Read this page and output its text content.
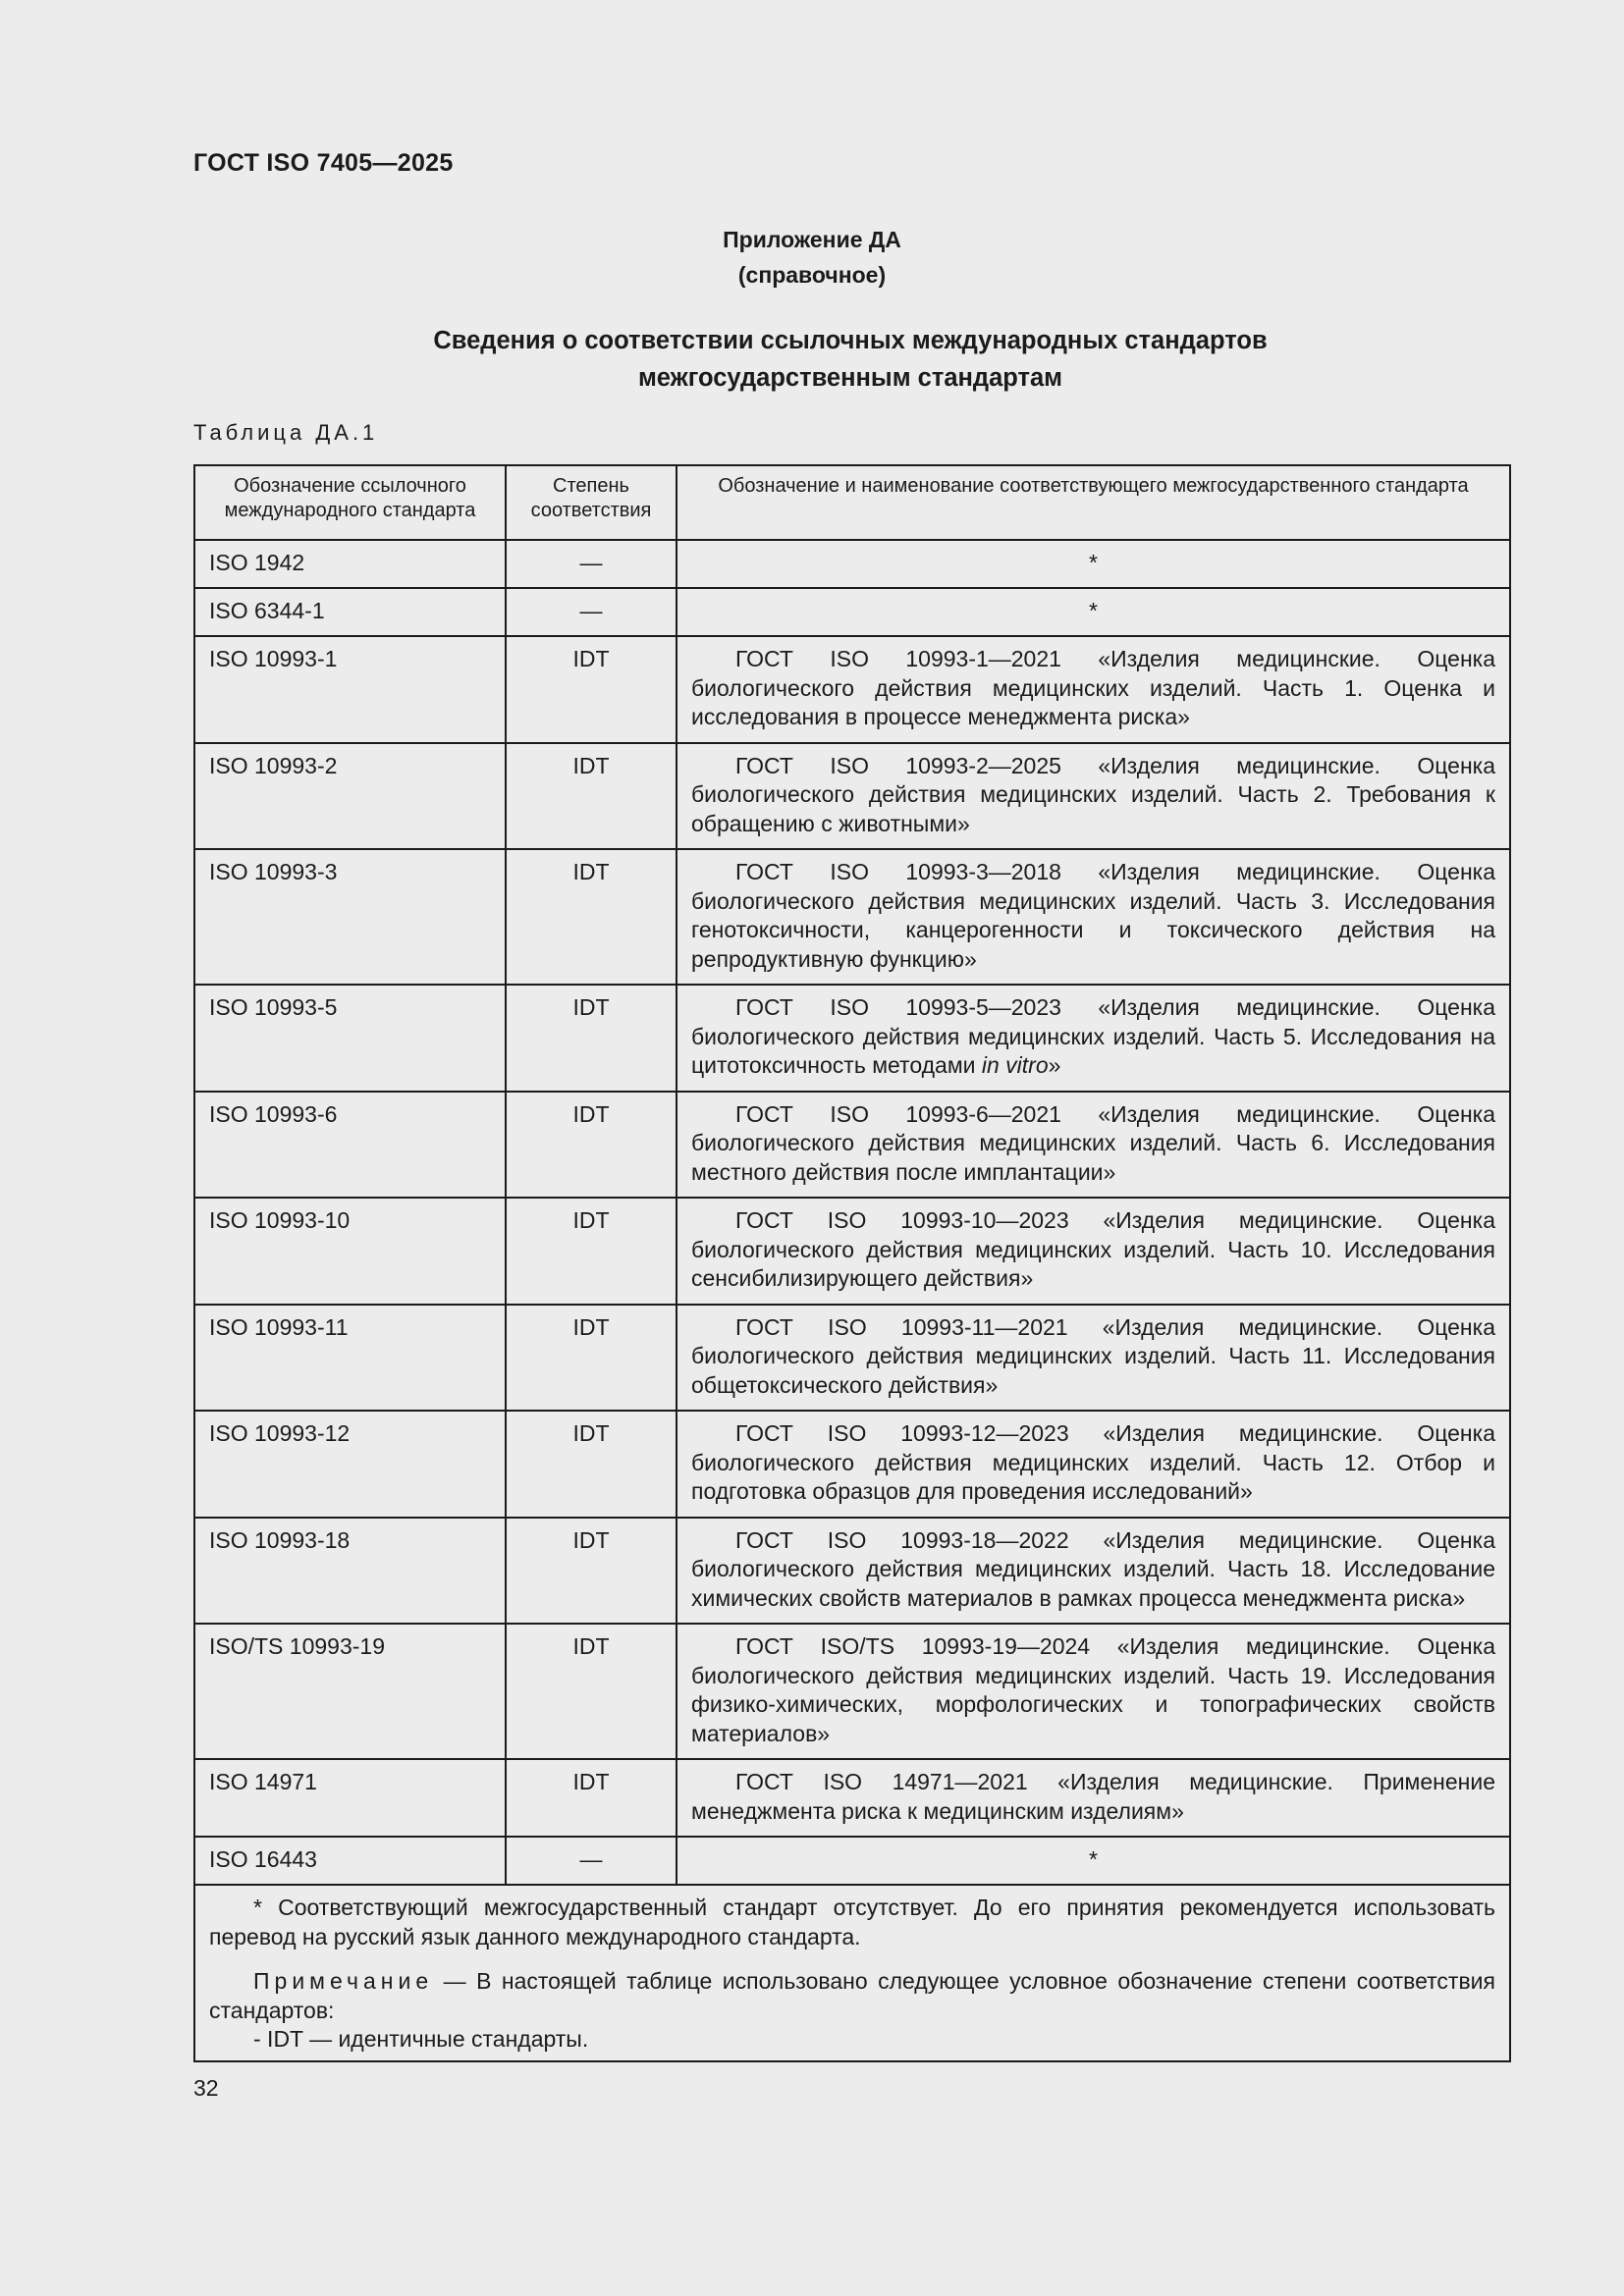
ГОСТ ISO 7405—2025
Приложение ДА
(справочное)
Сведения о соответствии ссылочных международных стандартов
межгосударственным стандартам
Таблица ДА.1
Обозначение ссылочного международного стандарта	Степень соответствия	Обозначение и наименование соответствующего межгосударственного стандарта
ISO 1942	—	*
ISO 6344-1	—	*
ISO 10993-1	IDT	ГОСТ ISO 10993-1—2021 «Изделия медицинские. Оценка биологического действия медицинских изделий. Часть 1. Оценка и исследования в процессе менеджмента риска»

ISO 10993-2	IDT	ГОСТ ISO 10993-2—2025 «Изделия медицинские. Оценка биологического действия медицинских изделий. Часть 2. Требования к обращению с животными»

ISO 10993-3	IDT	ГОСТ ISO 10993-3—2018 «Изделия медицинские. Оценка биологического действия медицинских изделий. Часть 3. Исследования генотоксичности, канцерогенности и токсического действия на репродуктивную функцию»

ISO 10993-5	IDT	ГОСТ ISO 10993-5—2023 «Изделия медицинские. Оценка биологического действия медицинских изделий. Часть 5. Исследования на цитотоксичность методами in vitro»

ISO 10993-6	IDT	ГОСТ ISO 10993-6—2021 «Изделия медицинские. Оценка биологического действия медицинских изделий. Часть 6. Исследования местного действия после имплантации»

ISO 10993-10	IDT	ГОСТ ISO 10993-10—2023 «Изделия медицинские. Оценка биологического действия медицинских изделий. Часть 10. Исследования сенсибилизирующего действия»

ISO 10993-11	IDT	ГОСТ ISO 10993-11—2021 «Изделия медицинские. Оценка биологического действия медицинских изделий. Часть 11. Исследования общетоксического действия»

ISO 10993-12	IDT	ГОСТ ISO 10993-12—2023 «Изделия медицинские. Оценка биологического действия медицинских изделий. Часть 12. Отбор и подготовка образцов для проведения исследований»

ISO 10993-18	IDT	ГОСТ ISO 10993-18—2022 «Изделия медицинские. Оценка биологического действия медицинских изделий. Часть 18. Исследование химических свойств материалов в рамках процесса менеджмента риска»

ISO/TS 10993-19	IDT	ГОСТ ISO/TS 10993-19—2024 «Изделия медицинские. Оценка биологического действия медицинских изделий. Часть 19. Исследования физико-химических, морфологических и топографических свойств материалов»

ISO 14971	IDT	ГОСТ ISO 14971—2021 «Изделия медицинские. Применение менеджмента риска к медицинским изделиям»

ISO 16443	—	*

* Соответствующий межгосударственный стандарт отсутствует. До его принятия рекомендуется использовать перевод на русский язык данного международного стандарта.
Примечание — В настоящей таблице использовано следующее условное обозначение степени соответствия стандартов:
- IDT — идентичные стандарты.		
32
